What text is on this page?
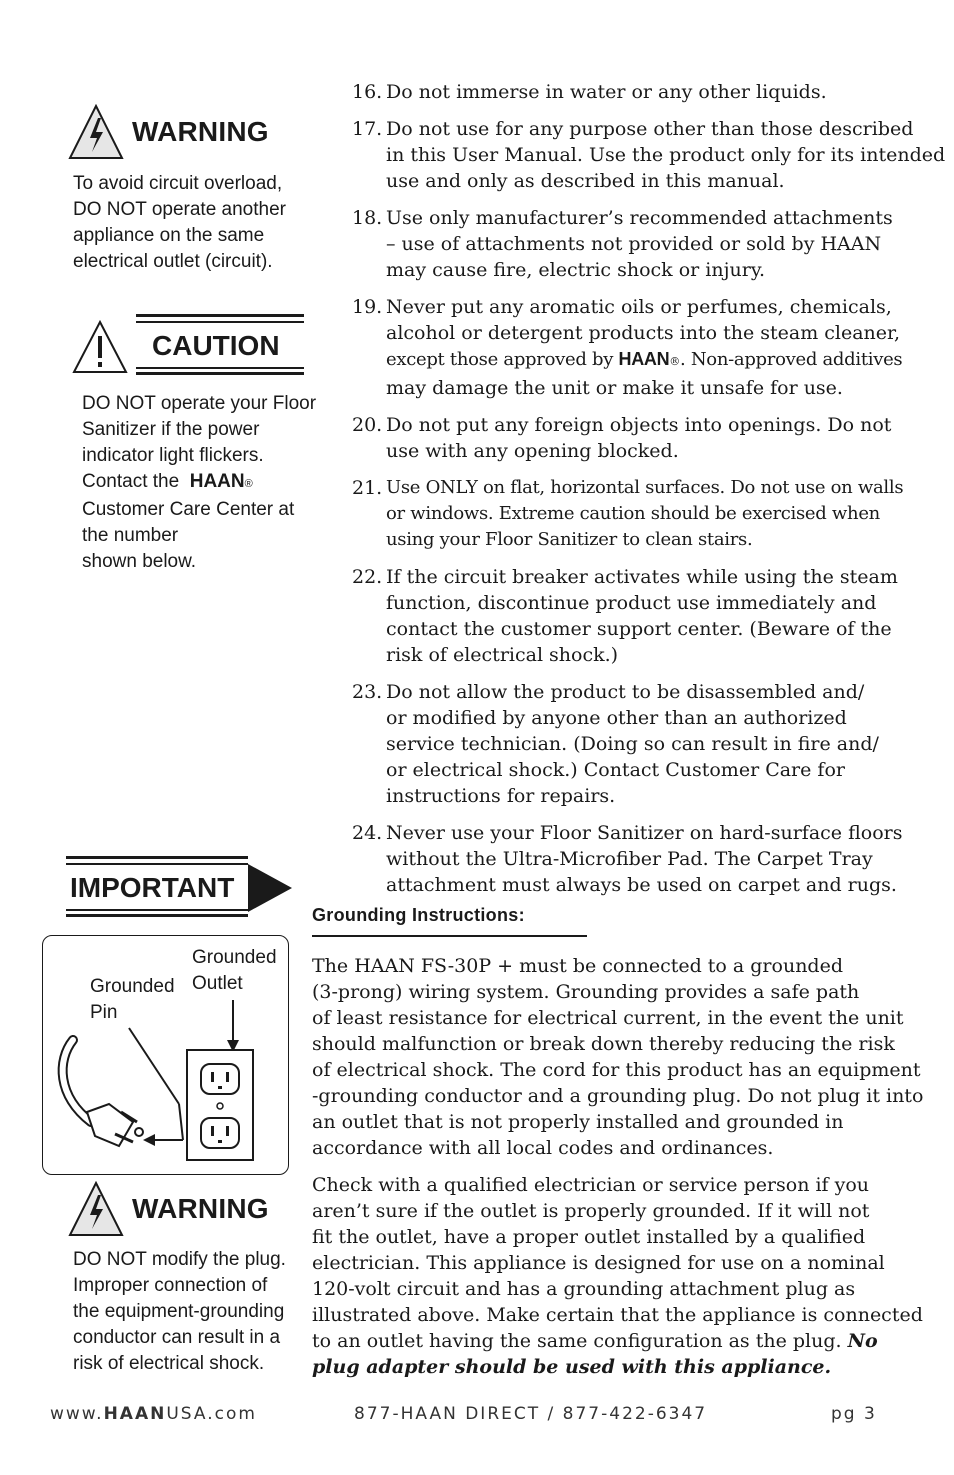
WARNING
To avoid circuit overload,
DO NOT operate another
appliance on the same
electrical outlet (circuit).
CAUTION
DO NOT operate your Floor
Sanitizer if the power
indicator light flickers.
Contact the HAAN®
Customer Care Center at
the number
shown below.
IMPORTANT
Grounded
Outlet
Grounded
Pin
WARNING
DO NOT modify the plug.
Improper connection of
the equipment-grounding
conductor can result in a
risk of electrical shock.
16. Do not immerse in water or any other liquids.
17. Do not use for any purpose other than those described
in this User Manual. Use the product only for its intended
use and only as described in this manual.
18. Use only manufacturer’s recommended attachments
– use of attachments not provided or sold by HAAN
may cause fire, electric shock or injury.
19. Never put any aromatic oils or perfumes, chemicals,
alcohol or detergent products into the steam cleaner,
except those approved by HAAN®. Non-approved additives
may damage the unit or make it unsafe for use.
20. Do not put any foreign objects into openings. Do not
use with any opening blocked.
21. Use ONLY on flat, horizontal surfaces. Do not use on walls
or windows. Extreme caution should be exercised when
using your Floor Sanitizer to clean stairs.
22. If the circuit breaker activates while using the steam
function, discontinue product use immediately and
contact the customer support center. (Beware of the
risk of electrical shock.)
23. Do not allow the product to be disassembled and/
or modified by anyone other than an authorized
service technician. (Doing so can result in fire and/
or electrical shock.) Contact Customer Care for
instructions for repairs.
24. Never use your Floor Sanitizer on hard-surface floors
without the Ultra-Microfiber Pad. The Carpet Tray
attachment must always be used on carpet and rugs.
Grounding Instructions:
The HAAN FS-30P + must be connected to a grounded
(3-prong) wiring system. Grounding provides a safe path
of least resistance for electrical current, in the event the unit
should malfunction or break down thereby reducing the risk
of electrical shock. The cord for this product has an equipment
-grounding conductor and a grounding plug. Do not plug it into
an outlet that is not properly installed and grounded in
accordance with all local codes and ordinances.
Check with a qualified electrician or service person if you
aren’t sure if the outlet is properly grounded. If it will not
fit the outlet, have a proper outlet installed by a qualified
electrician. This appliance is designed for use on a nominal
120-volt circuit and has a grounding attachment plug as
illustrated above. Make certain that the appliance is connected
to an outlet having the same configuration as the plug. No
plug adapter should be used with this appliance.
www.HAANUSA.com	877-HAAN DIRECT / 877-422-6347	pg 3
